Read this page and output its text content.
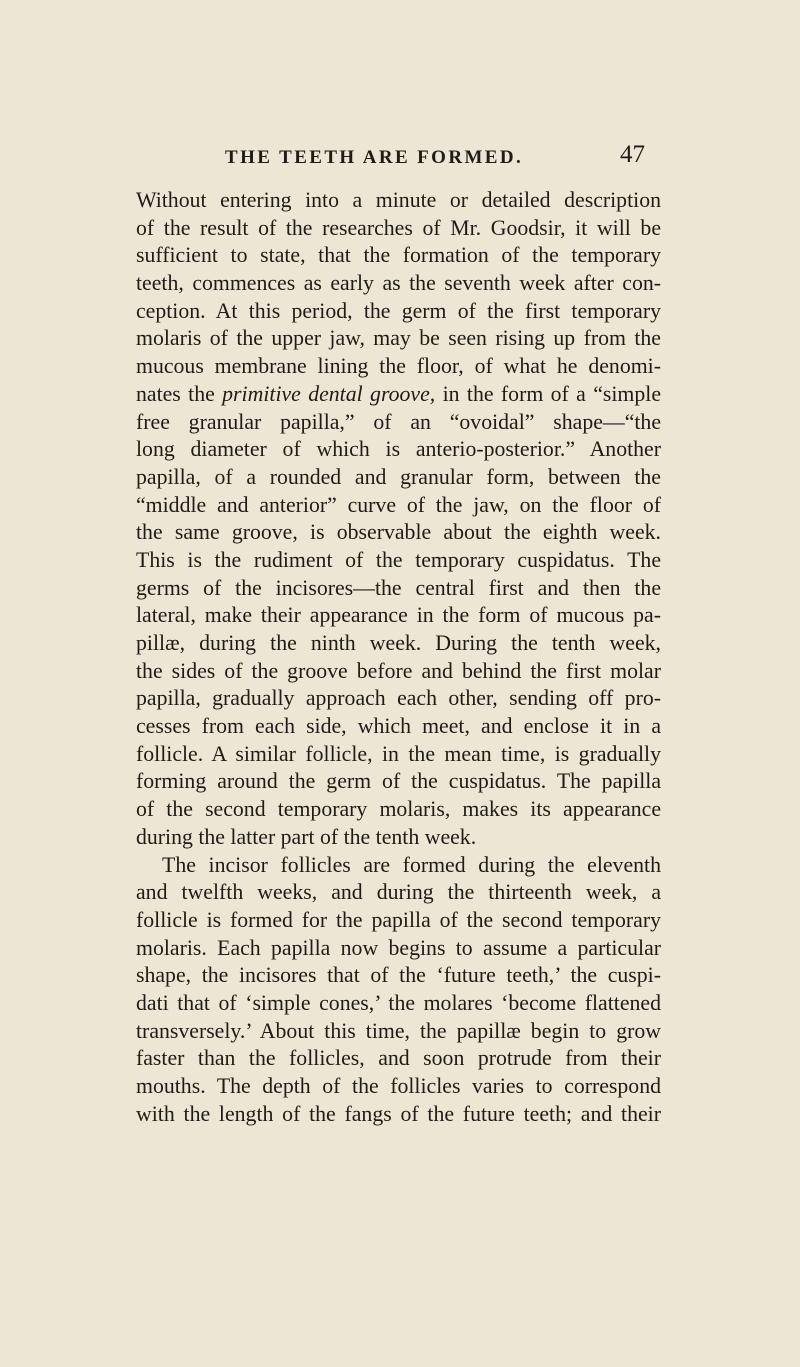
THE TEETH ARE FORMED.	47
Without entering into a minute or detailed description
of the result of the researches of Mr. Goodsir, it will be
sufficient to state, that the formation of the temporary
teeth, commences as early as the seventh week after con-
ception. At this period, the germ of the first temporary
molaris of the upper jaw, may be seen rising up from the
mucous membrane lining the floor, of what he denomi-
nates the primitive dental groove, in the form of a “simple
free granular papilla,” of an “ovoidal” shape—“the
long diameter of which is anterio-posterior.” Another
papilla, of a rounded and granular form, between the
“middle and anterior” curve of the jaw, on the floor of
the same groove, is observable about the eighth week.
This is the rudiment of the temporary cuspidatus. The
germs of the incisores—the central first and then the
lateral, make their appearance in the form of mucous pa-
pillæ, during the ninth week. During the tenth week,
the sides of the groove before and behind the first molar
papilla, gradually approach each other, sending off pro-
cesses from each side, which meet, and enclose it in a
follicle. A similar follicle, in the mean time, is gradually
forming around the germ of the cuspidatus. The papilla
of the second temporary molaris, makes its appearance
during the latter part of the tenth week.
The incisor follicles are formed during the eleventh
and twelfth weeks, and during the thirteenth week, a
follicle is formed for the papilla of the second temporary
molaris. Each papilla now begins to assume a particular
shape, the incisores that of the ‘future teeth,’ the cuspi-
dati that of ‘simple cones,’ the molares ‘become flattened
transversely.’ About this time, the papillæ begin to grow
faster than the follicles, and soon protrude from their
mouths. The depth of the follicles varies to correspond
with the length of the fangs of the future teeth; and their
